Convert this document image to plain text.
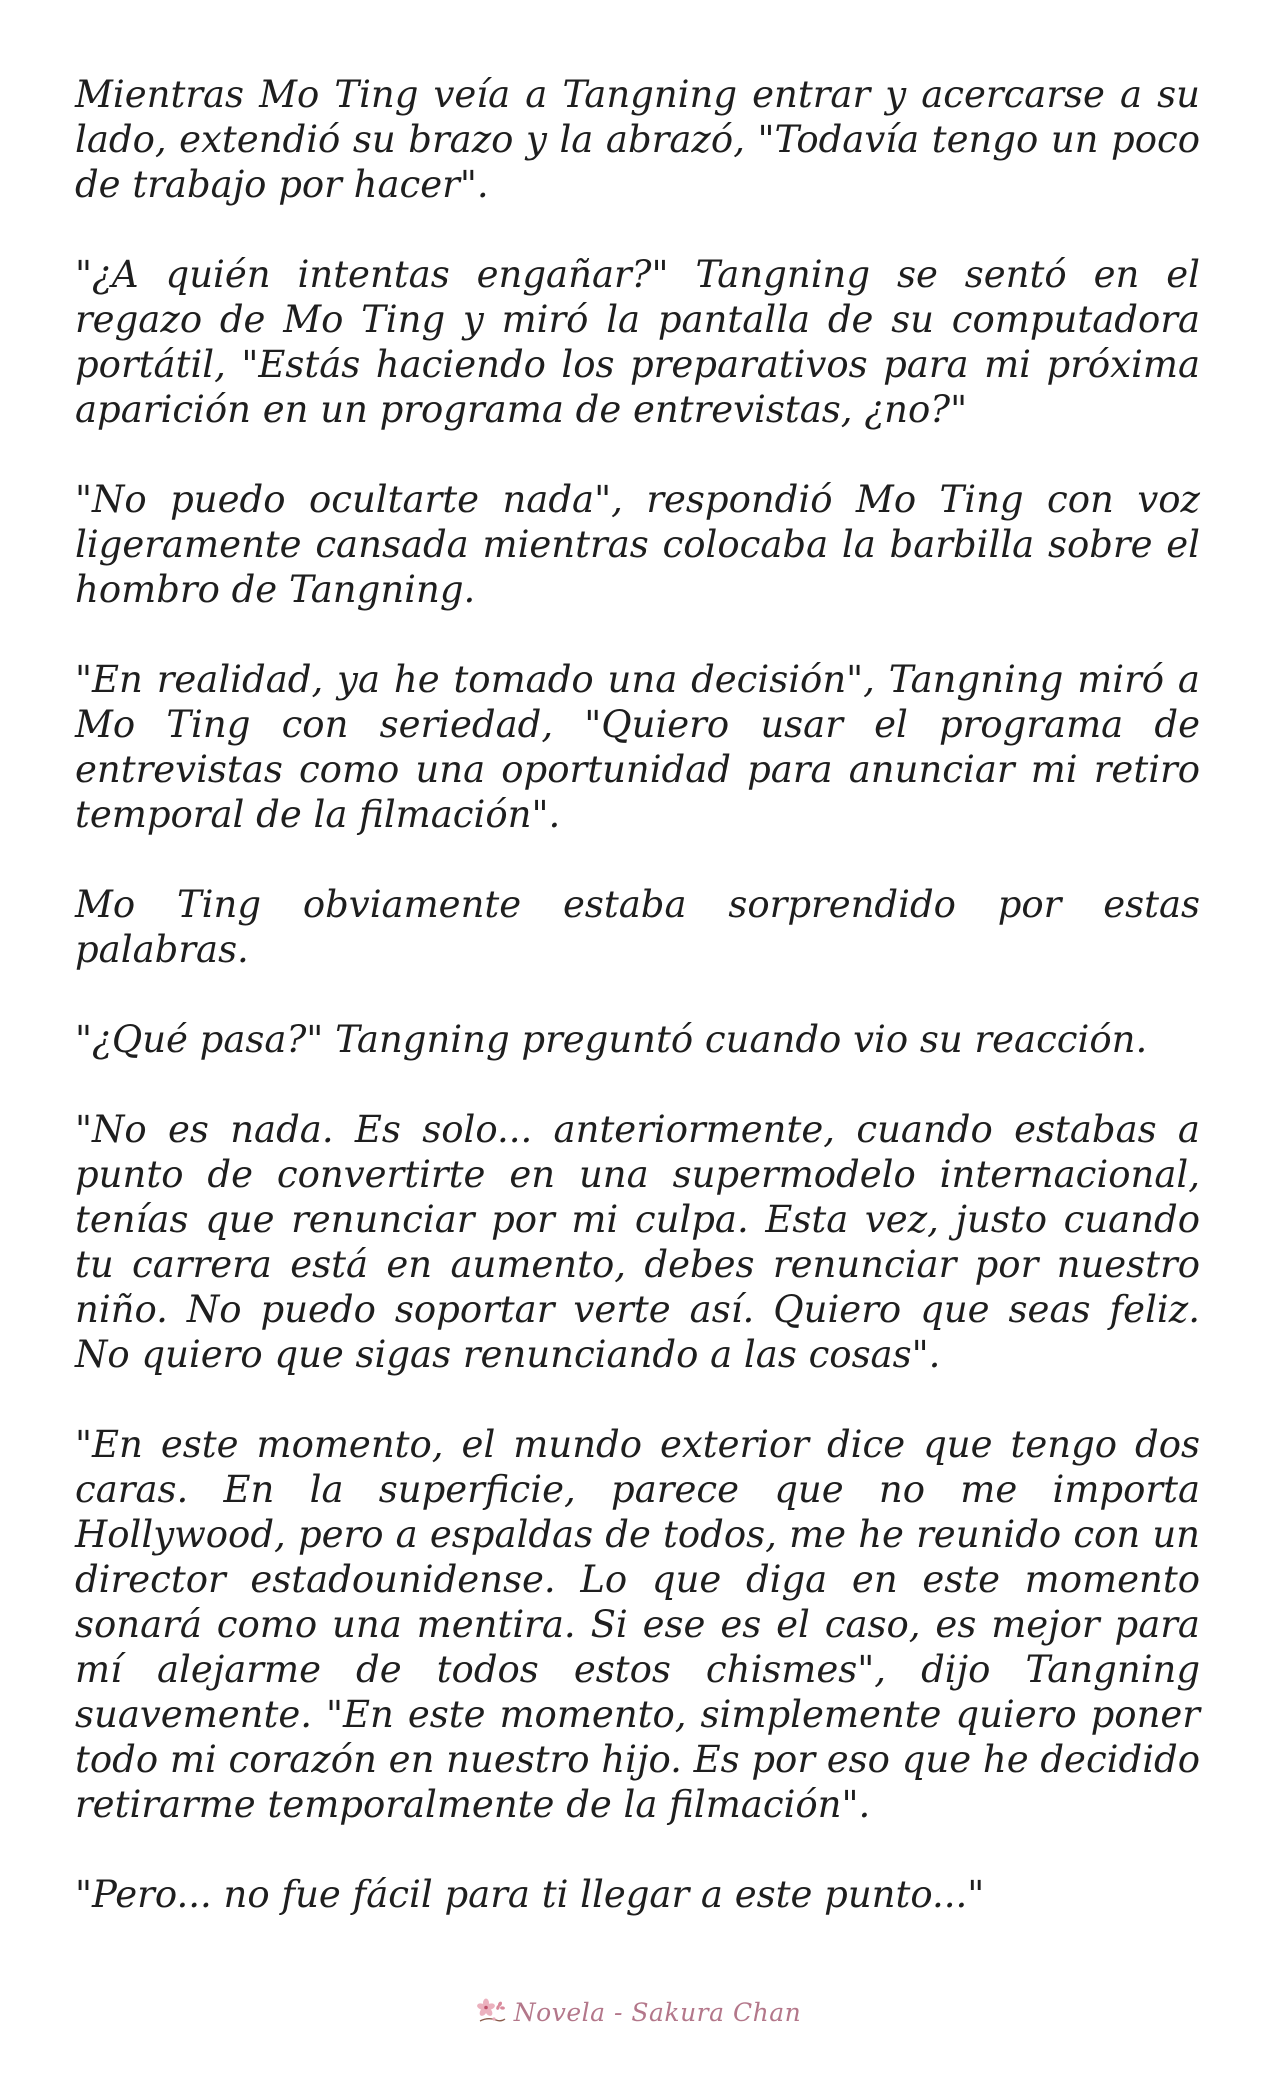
Mientras Mo Ting veía a Tangning entrar y acercarse a su lado, extendió su brazo y la abrazó, "Todavía tengo un poco de trabajo por hacer".

"¿A quién intentas engañar?" Tangning se sentó en el regazo de Mo Ting y miró la pantalla de su computadora portátil, "Estás haciendo los preparativos para mi próxima aparición en un programa de entrevistas, ¿no?"

"No puedo ocultarte nada", respondió Mo Ting con voz ligeramente cansada mientras colocaba la barbilla sobre el hombro de Tangning.

"En realidad, ya he tomado una decisión", Tangning miró a Mo Ting con seriedad, "Quiero usar el programa de entrevistas como una oportunidad para anunciar mi retiro temporal de la filmación".

Mo Ting obviamente estaba sorprendido por estas palabras.

"¿Qué pasa?" Tangning preguntó cuando vio su reacción.

"No es nada. Es solo... anteriormente, cuando estabas a punto de convertirte en una supermodelo internacional, tenías que renunciar por mi culpa. Esta vez, justo cuando tu carrera está en aumento, debes renunciar por nuestro niño. No puedo soportar verte así. Quiero que seas feliz. No quiero que sigas renunciando a las cosas".

"En este momento, el mundo exterior dice que tengo dos caras. En la superficie, parece que no me importa Hollywood, pero a espaldas de todos, me he reunido con un director estadounidense. Lo que diga en este momento sonará como una mentira. Si ese es el caso, es mejor para mí alejarme de todos estos chismes", dijo Tangning suavemente. "En este momento, simplemente quiero poner todo mi corazón en nuestro hijo. Es por eso que he decidido retirarme temporalmente de la filmación".

"Pero... no fue fácil para ti llegar a este punto..."

Novela - Sakura Chan
